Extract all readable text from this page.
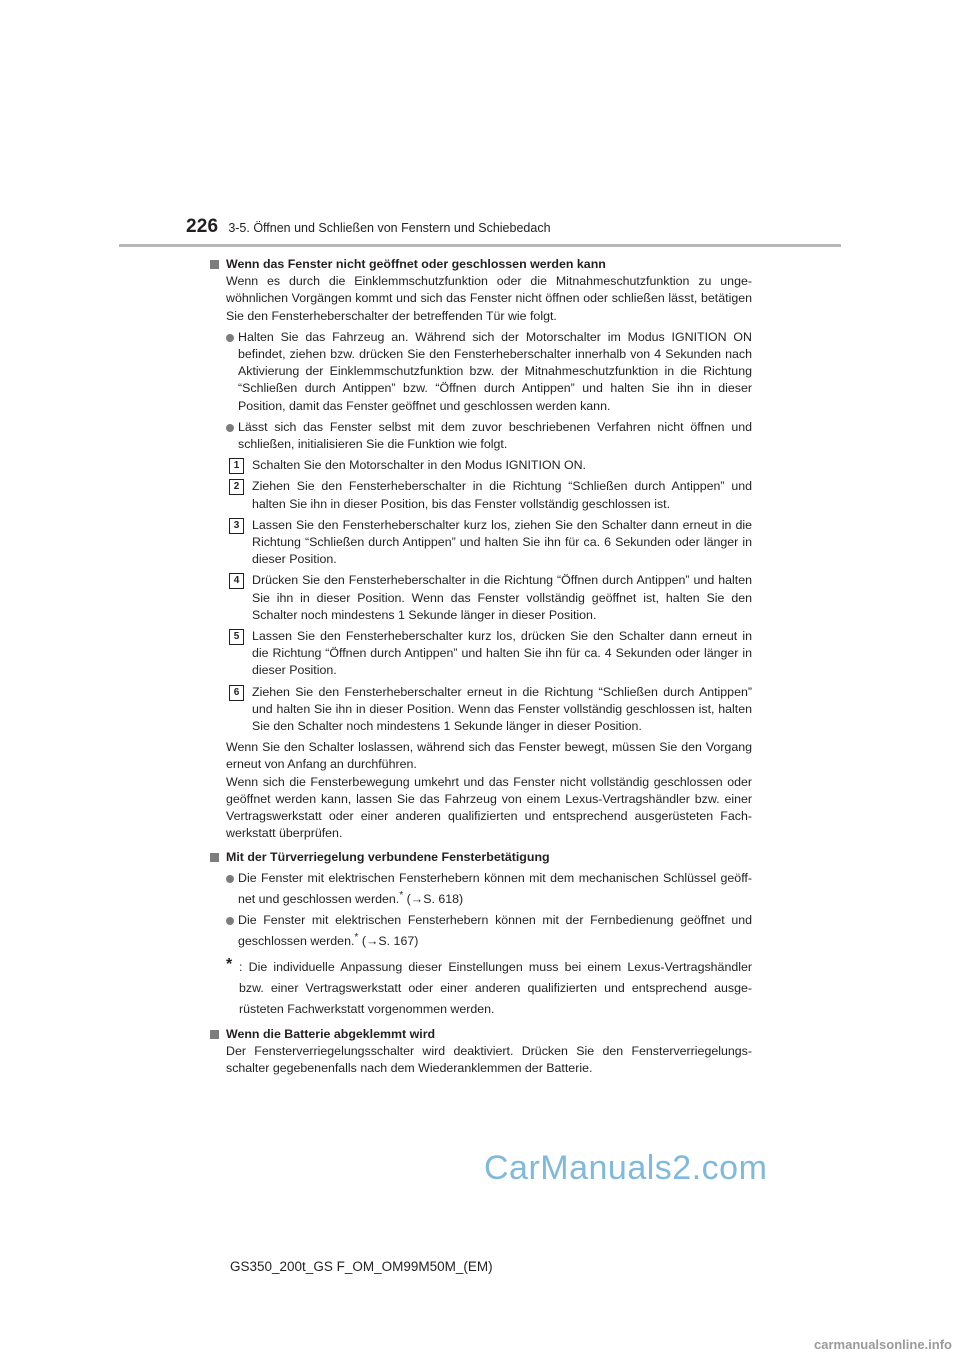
226 3-5. Öffnen und Schließen von Fenstern und Schiebedach

Wenn das Fenster nicht geöffnet oder geschlossen werden kann

Wenn es durch die Einklemmschutzfunktion oder die Mitnahmeschutzfunktion zu ungewöhnlichen Vorgängen kommt und sich das Fenster nicht öffnen oder schließen lässt, betätigen Sie den Fensterheberschalter der betreffenden Tür wie folgt.

Halten Sie das Fahrzeug an. Während sich der Motorschalter im Modus IGNITION ON befindet, ziehen bzw. drücken Sie den Fensterheberschalter innerhalb von 4 Sekunden nach Aktivierung der Einklemmschutzfunktion bzw. der Mitnahmeschutzfunktion in die Richtung “Schließen durch Antippen” bzw. “Öffnen durch Antippen” und halten Sie ihn in dieser Position, damit das Fenster geöffnet und geschlossen werden kann.

Lässt sich das Fenster selbst mit dem zuvor beschriebenen Verfahren nicht öffnen und schließen, initialisieren Sie die Funktion wie folgt.

1	Schalten Sie den Motorschalter in den Modus IGNITION ON.

2	Ziehen Sie den Fensterheberschalter in die Richtung “Schließen durch Antippen” und halten Sie ihn in dieser Position, bis das Fenster vollständig geschlossen ist.

3	Lassen Sie den Fensterheberschalter kurz los, ziehen Sie den Schalter dann erneut in die Richtung “Schließen durch Antippen” und halten Sie ihn für ca. 6 Sekunden oder länger in dieser Position.

4	Drücken Sie den Fensterheberschalter in die Richtung “Öffnen durch Antippen” und halten Sie ihn in dieser Position. Wenn das Fenster vollständig geöffnet ist, halten Sie den Schalter noch mindestens 1 Sekunde länger in dieser Position.

5	Lassen Sie den Fensterheberschalter kurz los, drücken Sie den Schalter dann erneut in die Richtung “Öffnen durch Antippen” und halten Sie ihn für ca. 4 Sekunden oder länger in dieser Position.

6	Ziehen Sie den Fensterheberschalter erneut in die Richtung “Schließen durch Antippen” und halten Sie ihn in dieser Position. Wenn das Fenster vollständig geschlossen ist, halten Sie den Schalter noch mindestens 1 Sekunde länger in dieser Position.

Wenn Sie den Schalter loslassen, während sich das Fenster bewegt, müssen Sie den Vorgang erneut von Anfang an durchführen.

Wenn sich die Fensterbewegung umkehrt und das Fenster nicht vollständig geschlossen oder geöffnet werden kann, lassen Sie das Fahrzeug von einem Lexus-Vertragshändler bzw. einer Vertragswerkstatt oder einer anderen qualifizierten und entsprechend ausgerüsteten Fachwerkstatt überprüfen.

Mit der Türverriegelung verbundene Fensterbetätigung

Die Fenster mit elektrischen Fensterhebern können mit dem mechanischen Schlüssel geöffnet und geschlossen werden.* (→S. 618)

Die Fenster mit elektrischen Fensterhebern können mit der Fernbedienung geöffnet und geschlossen werden.* (→S. 167)

* : Die individuelle Anpassung dieser Einstellungen muss bei einem Lexus-Vertragshändler bzw. einer Vertragswerkstatt oder einer anderen qualifizierten und entsprechend ausgerüsteten Fachwerkstatt vorgenommen werden.

Wenn die Batterie abgeklemmt wird

Der Fensterverriegelungsschalter wird deaktiviert. Drücken Sie den Fensterverriegelungsschalter gegebenenfalls nach dem Wiederanklemmen der Batterie.

CarManuals2.com
GS350_200t_GS F_OM_OM99M50M_(EM)
carmanualsonline.info
